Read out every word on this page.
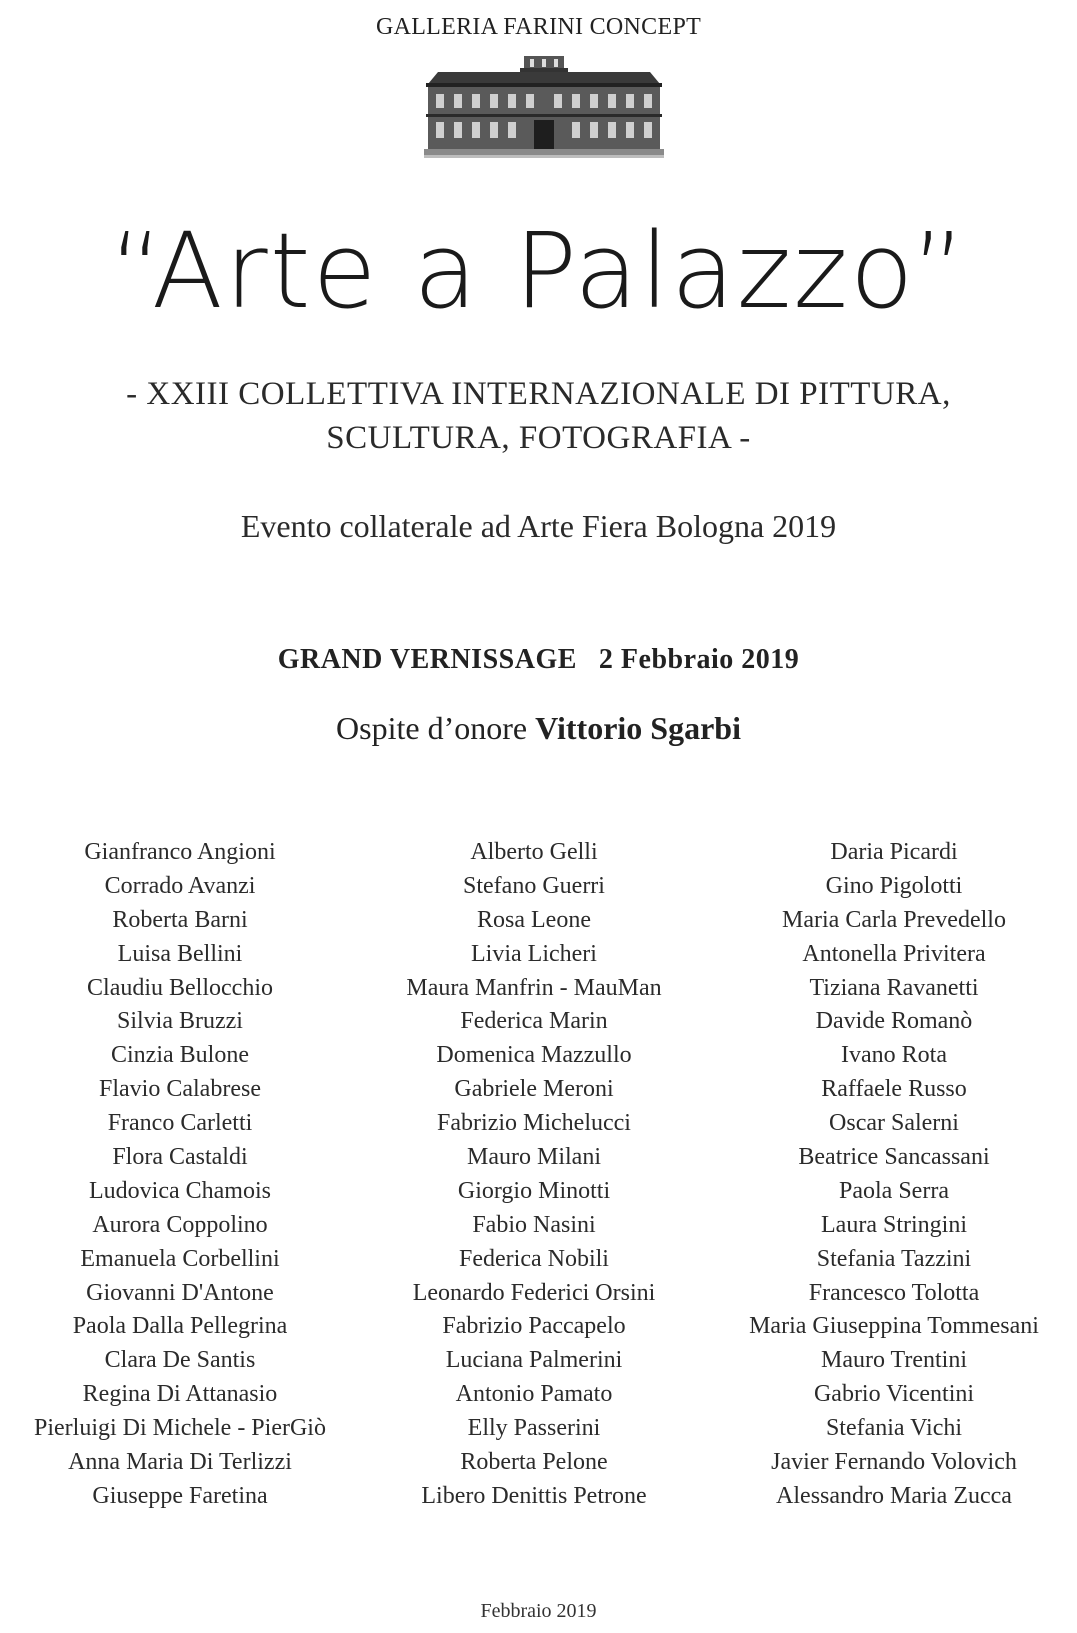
GALLERIA FARINI CONCEPT
“Arte a Palazzo”
- XXIII COLLETTIVA INTERNAZIONALE DI PITTURA,
SCULTURA, FOTOGRAFIA -
Evento collaterale ad Arte Fiera Bologna 2019
GRAND VERNISSAGE 2 Febbraio 2019
Ospite d’onore Vittorio Sgarbi
Gianfranco Angioni
Corrado Avanzi
Roberta Barni
Luisa Bellini
Claudiu Bellocchio
Silvia Bruzzi
Cinzia Bulone
Flavio Calabrese
Franco Carletti
Flora Castaldi
Ludovica Chamois
Aurora Coppolino
Emanuela Corbellini
Giovanni D'Antone
Paola Dalla Pellegrina
Clara De Santis
Regina Di Attanasio
Pierluigi Di Michele - PierGiò
Anna Maria Di Terlizzi
Giuseppe Faretina
Alberto Gelli
Stefano Guerri
Rosa Leone
Livia Licheri
Maura Manfrin - MauMan
Federica Marin
Domenica Mazzullo
Gabriele Meroni
Fabrizio Michelucci
Mauro Milani
Giorgio Minotti
Fabio Nasini
Federica Nobili
Leonardo Federici Orsini
Fabrizio Paccapelo
Luciana Palmerini
Antonio Pamato
Elly Passerini
Roberta Pelone
Libero Denittis Petrone
Daria Picardi
Gino Pigolotti
Maria Carla Prevedello
Antonella Privitera
Tiziana Ravanetti
Davide Romanò
Ivano Rota
Raffaele Russo
Oscar Salerni
Beatrice Sancassani
Paola Serra
Laura Stringini
Stefania Tazzini
Francesco Tolotta
Maria Giuseppina Tommesani
Mauro Trentini
Gabrio Vicentini
Stefania Vichi
Javier Fernando Volovich
Alessandro Maria Zucca
Febbraio 2019
